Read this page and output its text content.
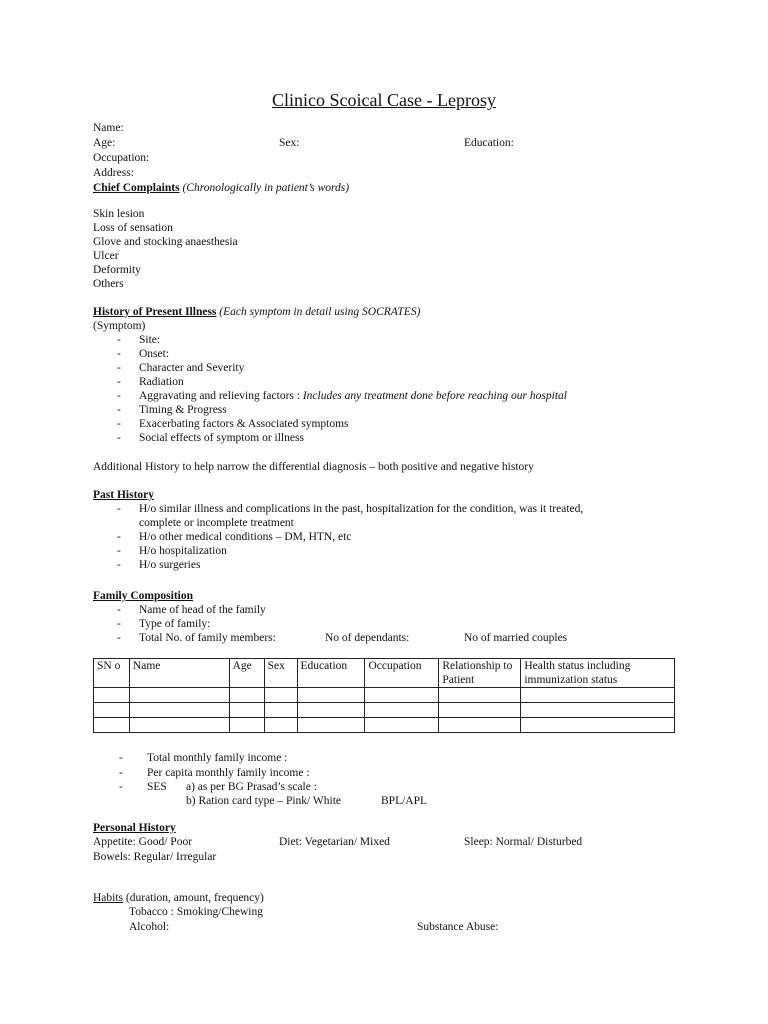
Clinico Scoical Case - Leprosy
Name:
Age:	Sex:	Education:
Occupation:
Address:
Chief Complaints (Chronologically in patient’s words)
Skin lesion
Loss of sensation
Glove and stocking anaesthesia
Ulcer
Deformity
Others
History of Present Illness (Each symptom in detail using SOCRATES)
(Symptom)
- Site:
- Onset:
- Character and Severity
- Radiation
- Aggravating and relieving factors : Includes any treatment done before reaching our hospital
- Timing & Progress
- Exacerbating factors & Associated symptoms
- Social effects of symptom or illness
Additional History to help narrow the differential diagnosis – both positive and negative history
Past History
- H/o similar illness and complications in the past, hospitalization for the condition, was it treated,
complete or incomplete treatment
- H/o other medical conditions – DM, HTN, etc
- H/o hospitalization
- H/o surgeries
Family Composition
- Name of head of the family
- Type of family:
- Total No. of family members:	No of dependants:	No of married couples
SN o	Name	Age	Sex	Education	Occupation	Relationship to Patient	Health status including immunization status

- Total monthly family income :
- Per capita monthly family income :
- SES a) as per BG Prasad’s scale :
b) Ration card type – Pink/ White	BPL/APL
Personal History
Appetite: Good/ Poor	Diet: Vegetarian/ Mixed	Sleep: Normal/ Disturbed
Bowels: Regular/ Irregular
Habits (duration, amount, frequency)
Tobacco : Smoking/Chewing
Alcohol:	Substance Abuse:
